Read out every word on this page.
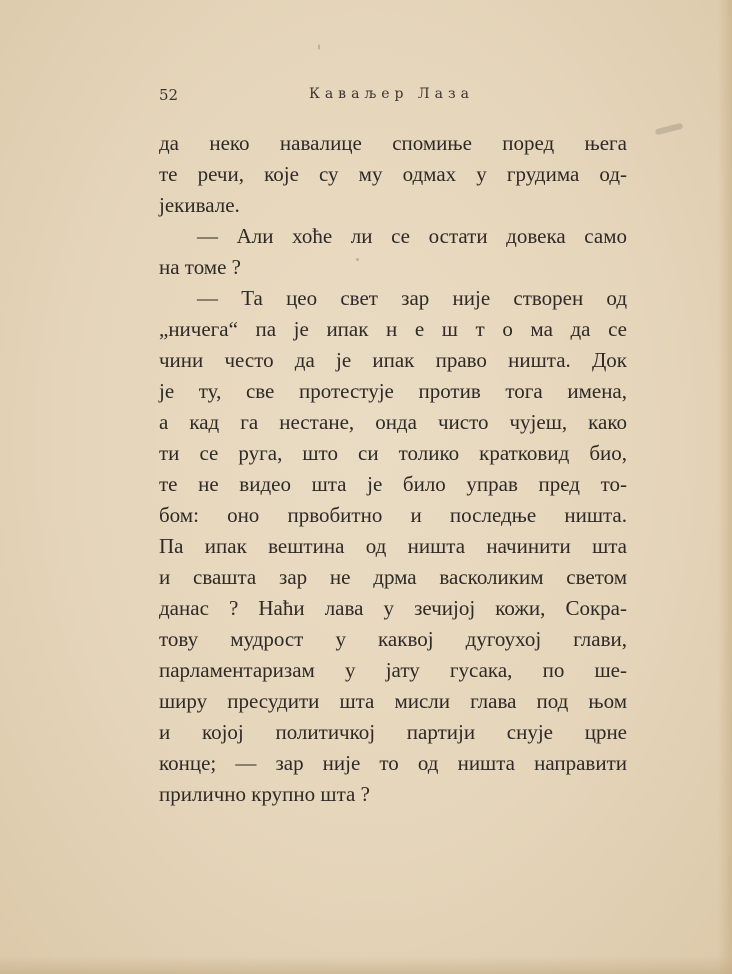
52	Каваљер Лаза
да неко навалице спомиње поред њега
те речи, које су му одмах у грудима од-
јекивале.
— Али хоће ли се остати довека само
на томе ?
— Та цео свет зар није створен од
„ничега“ па је ипак н е ш т о ма да се
чини често да је ипак право ништа. Док
је ту, све протестује против тога имена,
а кад га нестане, онда чисто чујеш, како
ти се руга, што си толико кратковид био,
те не видео шта је било управ пред то-
бом: оно првобитно и последње ништа.
Па ипак вештина од ништа начинити шта
и свашта зар не дрма васколиким светом
данас ? Наћи лава у зечијој кожи, Сокра-
тову мудрост у каквој дугоухој глави,
парламентаризам у јату гусака, по ше-
ширу пресудити шта мисли глава под њом
и којој политичкој партији снује црне
конце; — зар није то од ништа направити
прилично крупно шта ?
